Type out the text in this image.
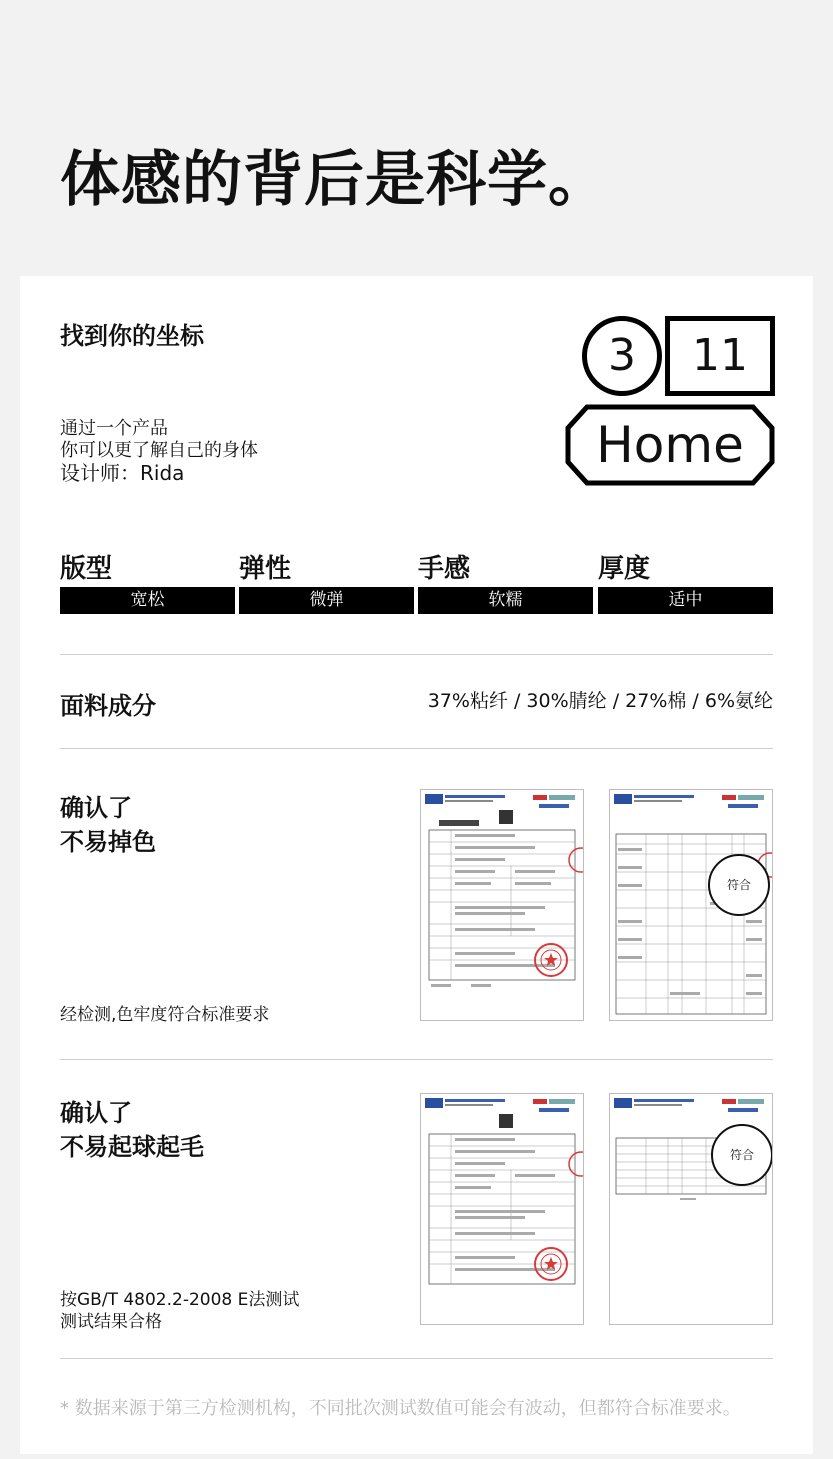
体感的背后是科学。
找到你的坐标
通过一个产品
你可以更了解自己的身体
设计师：Rida
3	11
Home
版型
宽松
弹性
微弹
手感
软糯
厚度
适中
面料成分	37%粘纤 / 30%腈纶 / 27%棉 / 6%氨纶
确认了
不易掉色
经检测,色牢度符合标准要求
符合
确认了
不易起球起毛
按GB/T 4802.2-2008 E法测试
测试结果合格
符合
* 数据来源于第三方检测机构，不同批次测试数值可能会有波动，但都符合标准要求。
